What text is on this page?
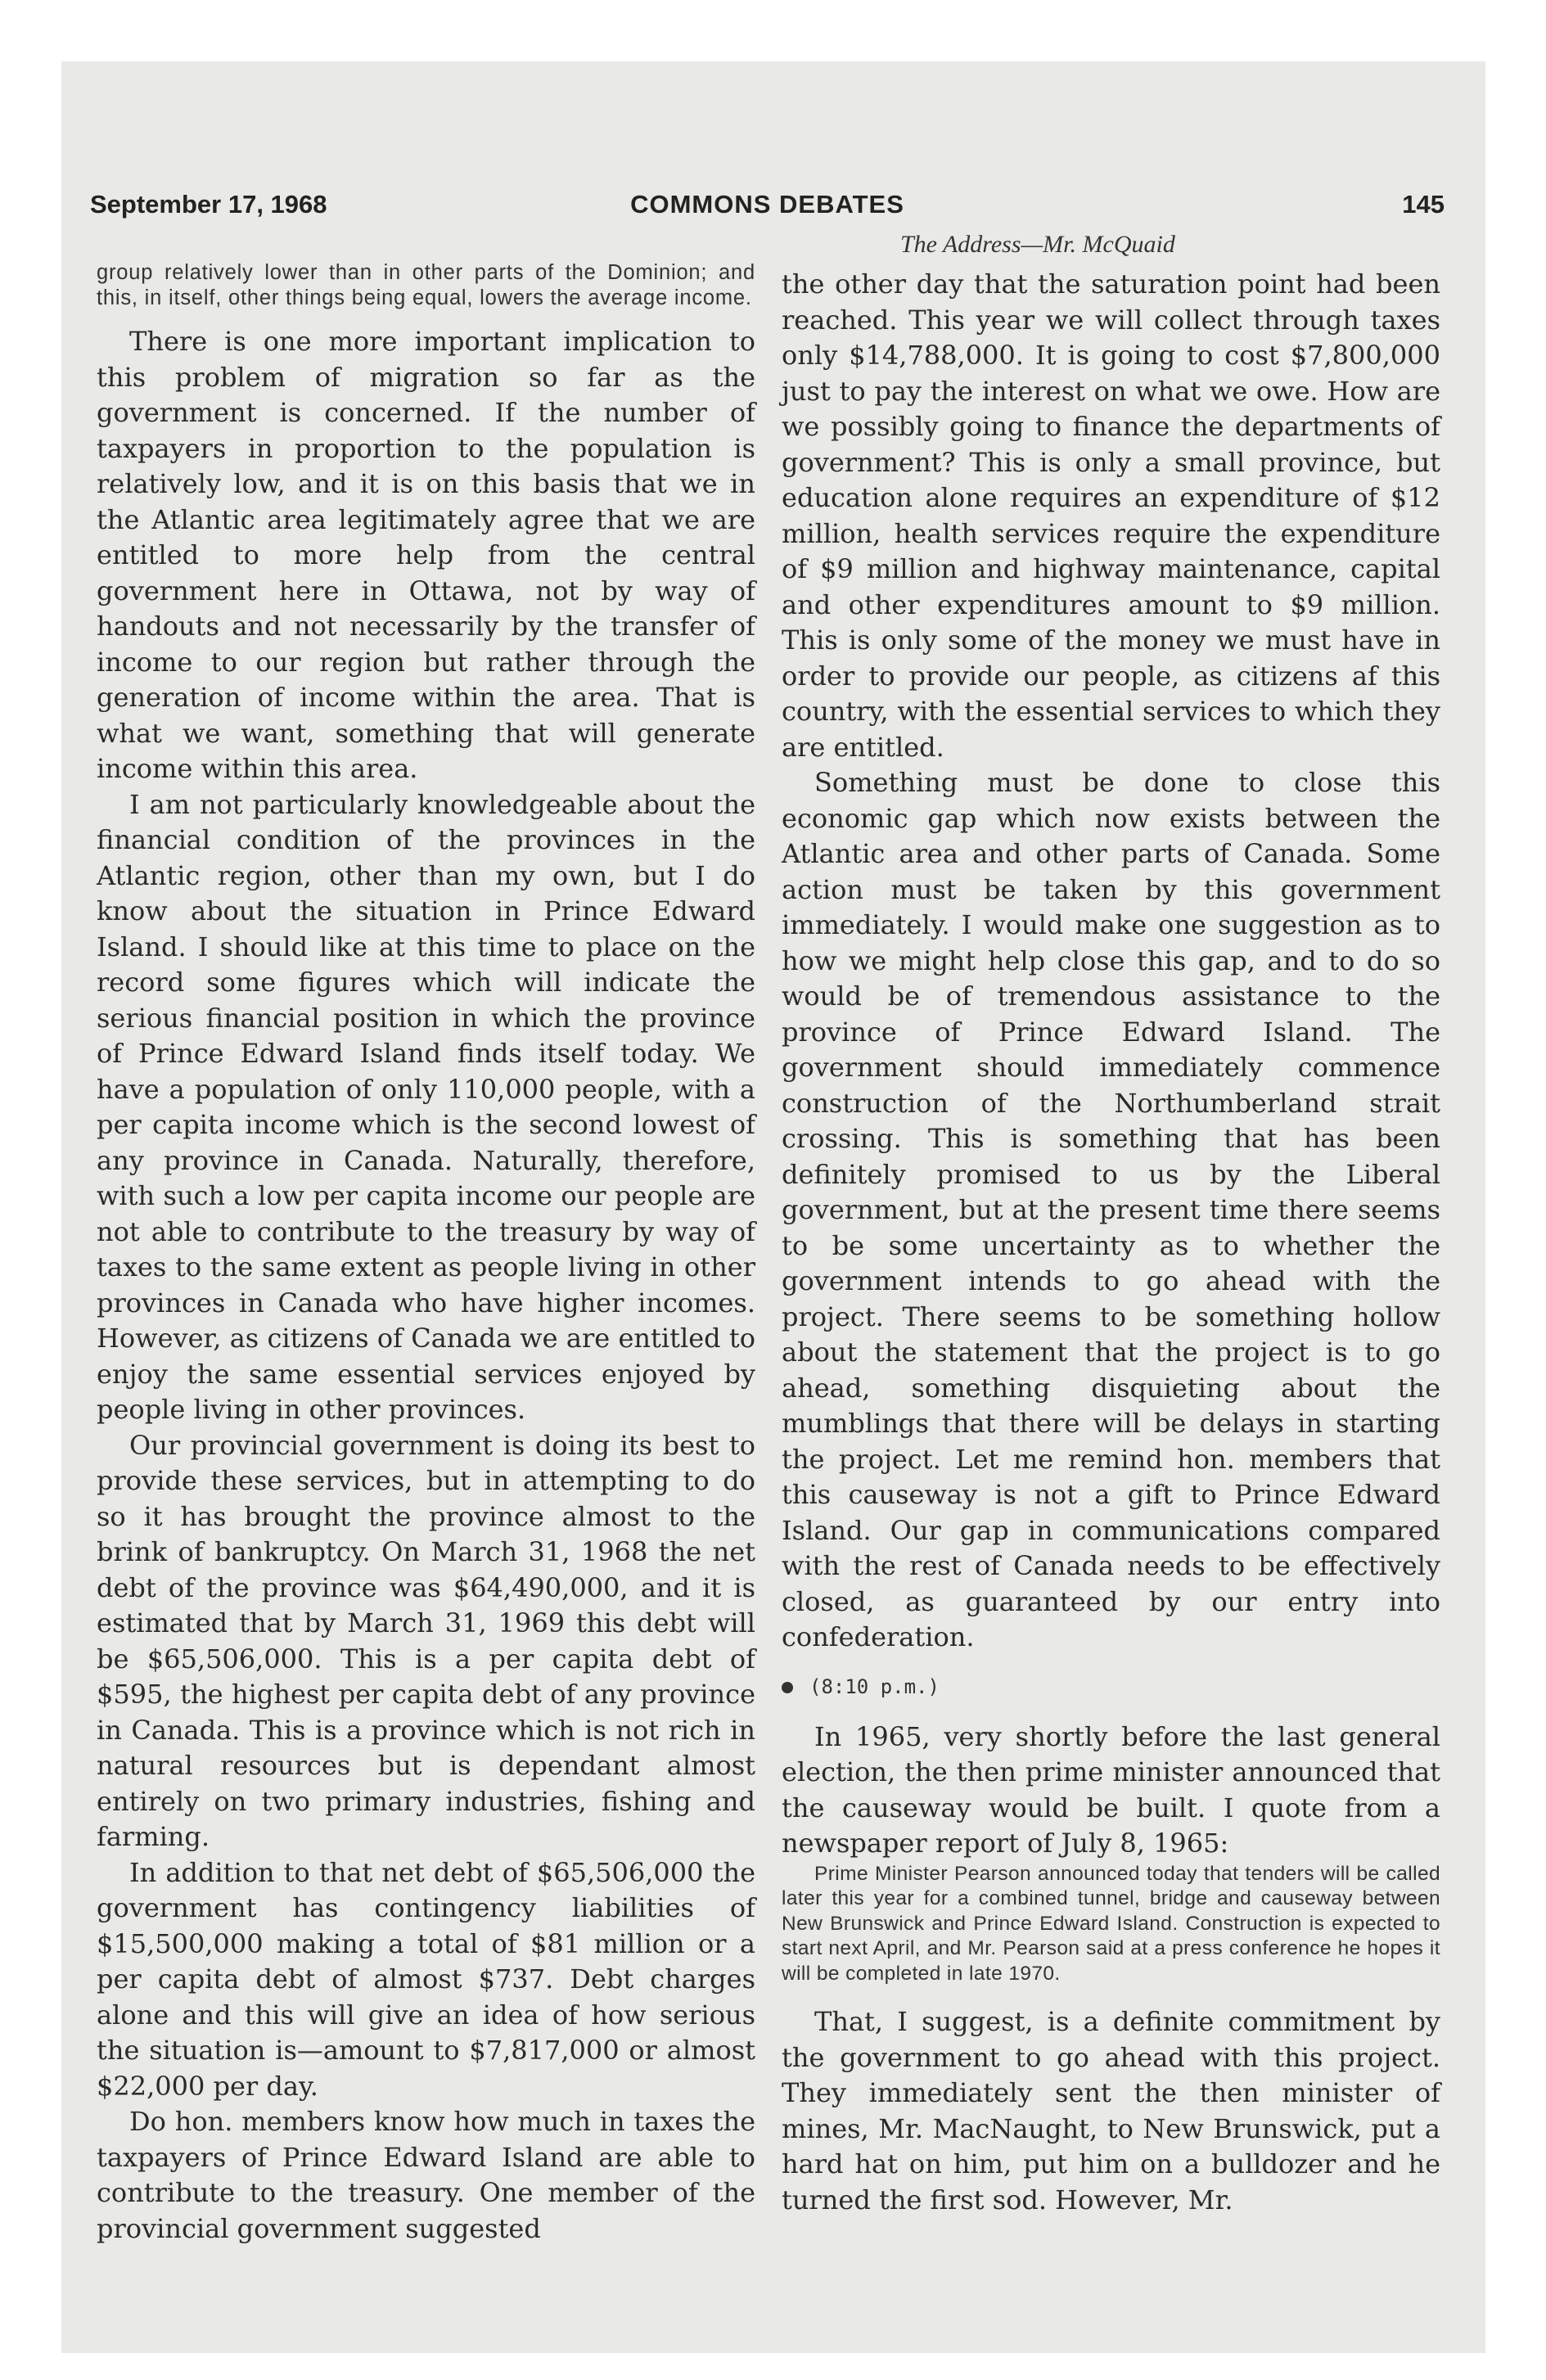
September 17, 1968	COMMONS DEBATES	145
The Address—Mr. McQuaid

group relatively lower than in other parts of the Dominion; and this, in itself, other things being equal, lowers the average income.

There is one more important implication to this problem of migration so far as the government is concerned. If the number of taxpayers in proportion to the population is relatively low, and it is on this basis that we in the Atlantic area legitimately agree that we are entitled to more help from the central government here in Ottawa, not by way of handouts and not necessarily by the transfer of income to our region but rather through the generation of income within the area. That is what we want, something that will generate income within this area.

I am not particularly knowledgeable about the financial condition of the provinces in the Atlantic region, other than my own, but I do know about the situation in Prince Edward Island. I should like at this time to place on the record some figures which will indicate the serious financial position in which the province of Prince Edward Island finds itself today. We have a population of only 110,000 people, with a per capita income which is the second lowest of any province in Canada. Naturally, therefore, with such a low per capita income our people are not able to contribute to the treasury by way of taxes to the same extent as people living in other provinces in Canada who have higher incomes. However, as citizens of Canada we are entitled to enjoy the same essential services enjoyed by people living in other provinces.

Our provincial government is doing its best to provide these services, but in attempting to do so it has brought the province almost to the brink of bankruptcy. On March 31, 1968 the net debt of the province was $64,490,000, and it is estimated that by March 31, 1969 this debt will be $65,506,000. This is a per capita debt of $595, the highest per capita debt of any province in Canada. This is a province which is not rich in natural resources but is dependant almost entirely on two primary industries, fishing and farming.

In addition to that net debt of $65,506,000 the government has contingency liabilities of $15,500,000 making a total of $81 million or a per capita debt of almost $737. Debt charges alone and this will give an idea of how serious the situation is—amount to $7,817,000 or almost $22,000 per day.

Do hon. members know how much in taxes the taxpayers of Prince Edward Island are able to contribute to the treasury. One member of the provincial government suggested

the other day that the saturation point had been reached. This year we will collect through taxes only $14,788,000. It is going to cost $7,800,000 just to pay the interest on what we owe. How are we possibly going to finance the departments of government? This is only a small province, but education alone requires an expenditure of $12 million, health services require the expenditure of $9 million and highway maintenance, capital and other expenditures amount to $9 million. This is only some of the money we must have in order to provide our people, as citizens af this country, with the essential services to which they are entitled.

Something must be done to close this economic gap which now exists between the Atlantic area and other parts of Canada. Some action must be taken by this government immediately. I would make one suggestion as to how we might help close this gap, and to do so would be of tremendous assistance to the province of Prince Edward Island. The government should immediately commence construction of the Northumberland strait crossing. This is something that has been definitely promised to us by the Liberal government, but at the present time there seems to be some uncertainty as to whether the government intends to go ahead with the project. There seems to be something hollow about the statement that the project is to go ahead, something disquieting about the mumblings that there will be delays in starting the project. Let me remind hon. members that this causeway is not a gift to Prince Edward Island. Our gap in communications compared with the rest of Canada needs to be effectively closed, as guaranteed by our entry into confederation.

(8:10 p.m.)

In 1965, very shortly before the last general election, the then prime minister announced that the causeway would be built. I quote from a newspaper report of July 8, 1965:

Prime Minister Pearson announced today that tenders will be called later this year for a combined tunnel, bridge and causeway between New Brunswick and Prince Edward Island. Construction is expected to start next April, and Mr. Pearson said at a press conference he hopes it will be completed in late 1970.

That, I suggest, is a definite commitment by the government to go ahead with this project. They immediately sent the then minister of mines, Mr. MacNaught, to New Brunswick, put a hard hat on him, put him on a bulldozer and he turned the first sod. However, Mr.
